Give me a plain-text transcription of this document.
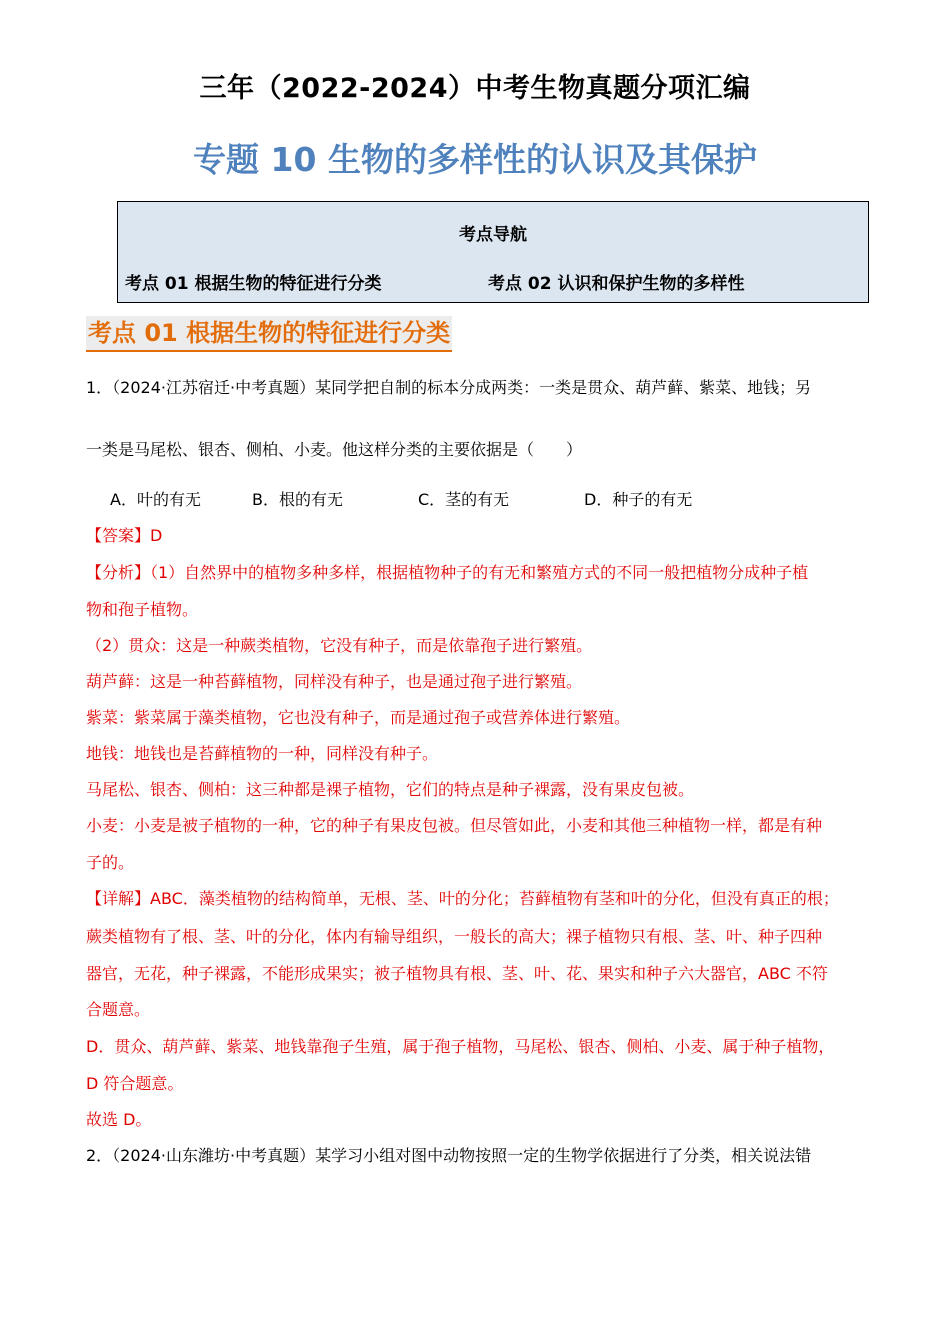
三年（2022-2024）中考生物真题分项汇编
专题 10 生物的多样性的认识及其保护
考点导航
考点 01 根据生物的特征进行分类	考点 02 认识和保护生物的多样性
考点 01 根据生物的特征进行分类
1．（2024·江苏宿迁·中考真题）某同学把自制的标本分成两类：一类是贯众、葫芦藓、紫菜、地钱；另
一类是马尾松、银杏、侧柏、小麦。他这样分类的主要依据是（　　）
A．叶的有无	B．根的有无	C．茎的有无	D．种子的有无
【答案】D
【分析】（1）自然界中的植物多种多样，根据植物种子的有无和繁殖方式的不同一般把植物分成种子植
物和孢子植物。
（2）贯众：这是一种蕨类植物，它没有种子，而是依靠孢子进行繁殖。
葫芦藓：这是一种苔藓植物，同样没有种子，也是通过孢子进行繁殖。
紫菜：紫菜属于藻类植物，它也没有种子，而是通过孢子或营养体进行繁殖。
地钱：地钱也是苔藓植物的一种，同样没有种子。
马尾松、银杏、侧柏：这三种都是裸子植物，它们的特点是种子裸露，没有果皮包被。
小麦：小麦是被子植物的一种，它的种子有果皮包被。但尽管如此，小麦和其他三种植物一样，都是有种
子的。
【详解】ABC．藻类植物的结构简单，无根、茎、叶的分化；苔藓植物有茎和叶的分化，但没有真正的根；
蕨类植物有了根、茎、叶的分化，体内有输导组织，一般长的高大；裸子植物只有根、茎、叶、种子四种
器官，无花，种子裸露，不能形成果实；被子植物具有根、茎、叶、花、果实和种子六大器官，ABC 不符
合题意。
D．贯众、葫芦藓、紫菜、地钱靠孢子生殖，属于孢子植物，马尾松、银杏、侧柏、小麦、属于种子植物，
D 符合题意。
故选 D。
2．（2024·山东潍坊·中考真题）某学习小组对图中动物按照一定的生物学依据进行了分类，相关说法错
